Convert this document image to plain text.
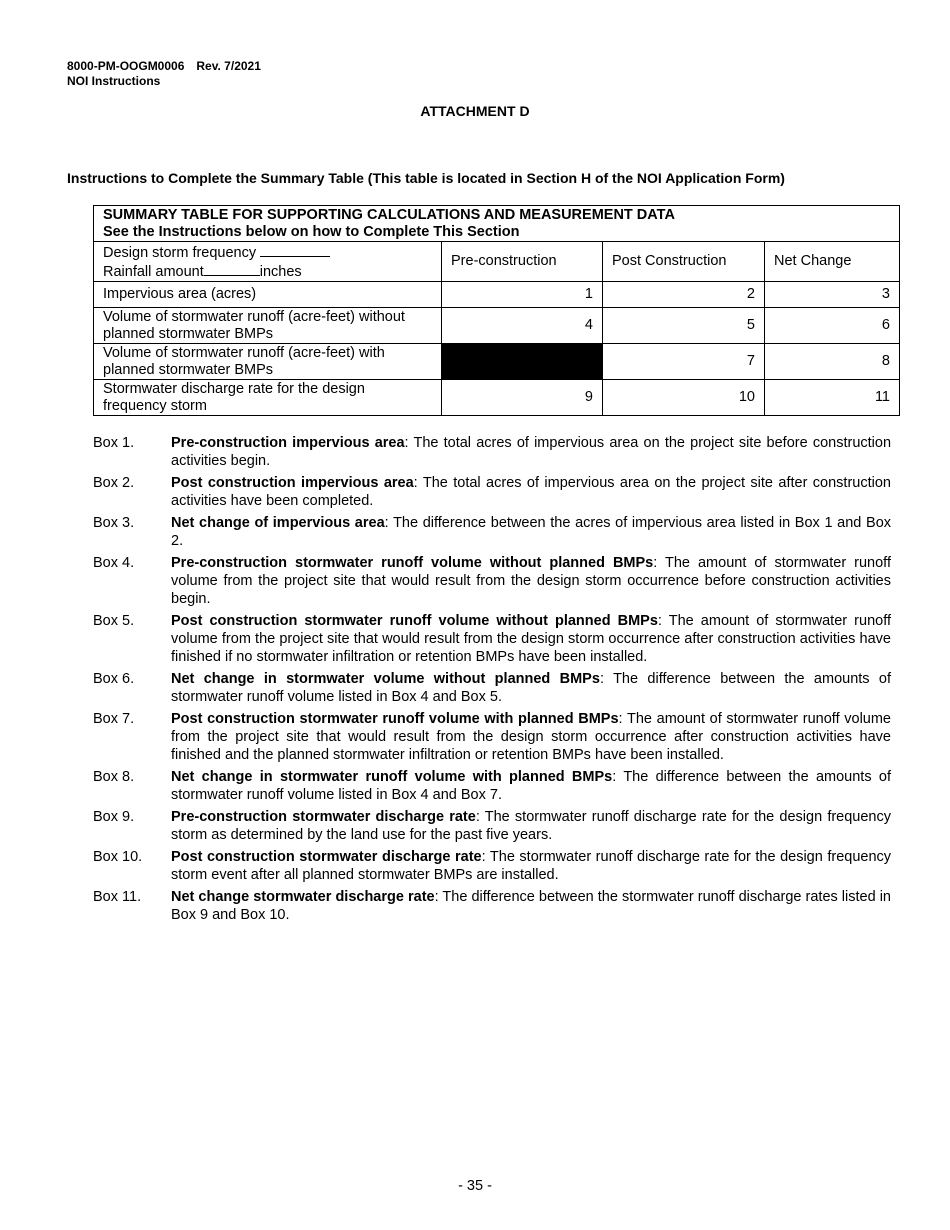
8000-PM-OOGM0006 Rev. 7/2021
NOI Instructions
ATTACHMENT D
Instructions to Complete the Summary Table (This table is located in Section H of the NOI Application Form)
SUMMARY TABLE FOR SUPPORTING CALCULATIONS AND MEASUREMENT DATA
See the Instructions below on how to Complete This Section			

Design storm frequency
Rainfall amount inches	Pre-construction	Post Construction	Net Change
Impervious area (acres)	1	2	3
Volume of stormwater runoff (acre-feet) without planned stormwater BMPs	4	5	6
Volume of stormwater runoff (acre-feet) with planned stormwater BMPs		7	8
Stormwater discharge rate for the design frequency storm	9	10	11
Box 1.	Pre-construction impervious area: The total acres of impervious area on the project site before construction activities begin.
Box 2.	Post construction impervious area: The total acres of impervious area on the project site after construction activities have been completed.
Box 3.	Net change of impervious area: The difference between the acres of impervious area listed in Box 1 and Box 2.
Box 4.	Pre-construction stormwater runoff volume without planned BMPs: The amount of stormwater runoff volume from the project site that would result from the design storm occurrence before construction activities begin.
Box 5.	Post construction stormwater runoff volume without planned BMPs: The amount of stormwater runoff volume from the project site that would result from the design storm occurrence after construction activities have finished if no stormwater infiltration or retention BMPs have been installed.
Box 6.	Net change in stormwater volume without planned BMPs: The difference between the amounts of stormwater runoff volume listed in Box 4 and Box 5.
Box 7.	Post construction stormwater runoff volume with planned BMPs: The amount of stormwater runoff volume from the project site that would result from the design storm occurrence after construction activities have finished and the planned stormwater infiltration or retention BMPs have been installed.
Box 8.	Net change in stormwater runoff volume with planned BMPs: The difference between the amounts of stormwater runoff volume listed in Box 4 and Box 7.
Box 9.	Pre-construction stormwater discharge rate: The stormwater runoff discharge rate for the design frequency storm as determined by the land use for the past five years.
Box 10.	Post construction stormwater discharge rate: The stormwater runoff discharge rate for the design frequency storm event after all planned stormwater BMPs are installed.
Box 11.	Net change stormwater discharge rate: The difference between the stormwater runoff discharge rates listed in Box 9 and Box 10.
- 35 -
